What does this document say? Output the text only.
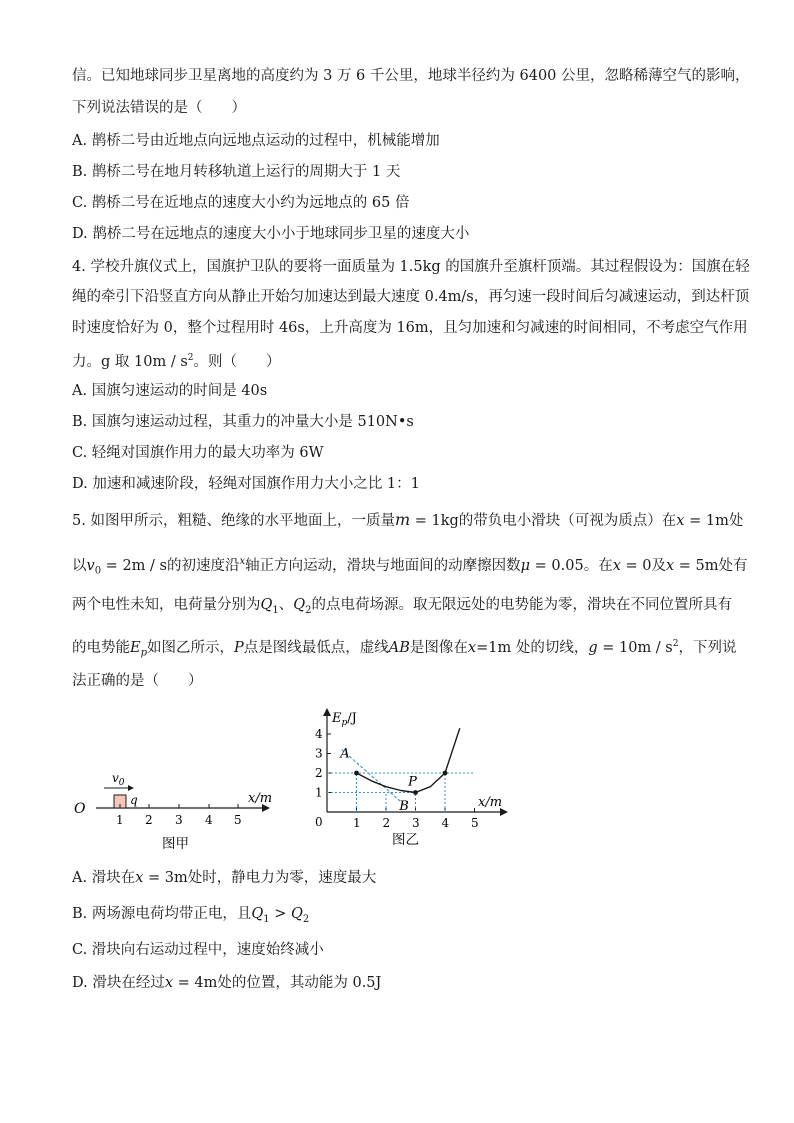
信。已知地球同步卫星离地的高度约为 3 万 6 千公里，地球半径约为 6400 公里，忽略稀薄空气的影响，
下列说法错误的是（　　）
A. 鹊桥二号由近地点向远地点运动的过程中，机械能增加
B. 鹊桥二号在地月转移轨道上运行的周期大于 1 天
C. 鹊桥二号在近地点的速度大小约为远地点的 65 倍
D. 鹊桥二号在远地点的速度大小小于地球同步卫星的速度大小
4. 学校升旗仪式上，国旗护卫队的要将一面质量为 1.5kg 的国旗升至旗杆顶端。其过程假设为：国旗在轻
绳的牵引下沿竖直方向从静止开始匀加速达到最大速度 0.4m/s，再匀速一段时间后匀减速运动，到达杆顶
时速度恰好为 0，整个过程用时 46s，上升高度为 16m，且匀加速和匀减速的时间相同，不考虑空气作用
力。g 取 $10m / s^2$。则（　　）
A. 国旗匀速运动的时间是 40s
B. 国旗匀速运动过程，其重力的冲量大小是 510N•s
C. 轻绳对国旗作用力的最大功率为 6W
D. 加速和减速阶段，轻绳对国旗作用力大小之比 1：1
5. 如图甲所示，粗糙、绝缘的水平地面上，一质量m = 1kg的带负电小滑块（可视为质点）在x = 1m处
以$v_0 = 2m / s$的初速度沿$^x$轴正方向运动，滑块与地面间的动摩擦因数μ = 0.05。在x = 0及x = 5m处有
两个电性未知，电荷量分别为$Q_1$、$Q_2$的点电荷场源。取无限远处的电势能为零，滑块在不同位置所具有
的电势能$E_p$如图乙所示，P点是图线最低点，虚线AB是图像在x=1m 处的切线，$g = 10m / s^2$，下列说
法正确的是（　　）
O
x/m
q
$v_0$
1 2 3 4 5
图甲
$E_p/J$
x/m
0
图乙
1 2 3 4 5
1
2
3
4
A
B
P
A. 滑块在x = 3m处时，静电力为零，速度最大
B. 两场源电荷均带正电，且$Q_1 > Q_2$
C. 滑块向右运动过程中，速度始终减小
D. 滑块在经过x = 4m处的位置，其动能为 0.5J
